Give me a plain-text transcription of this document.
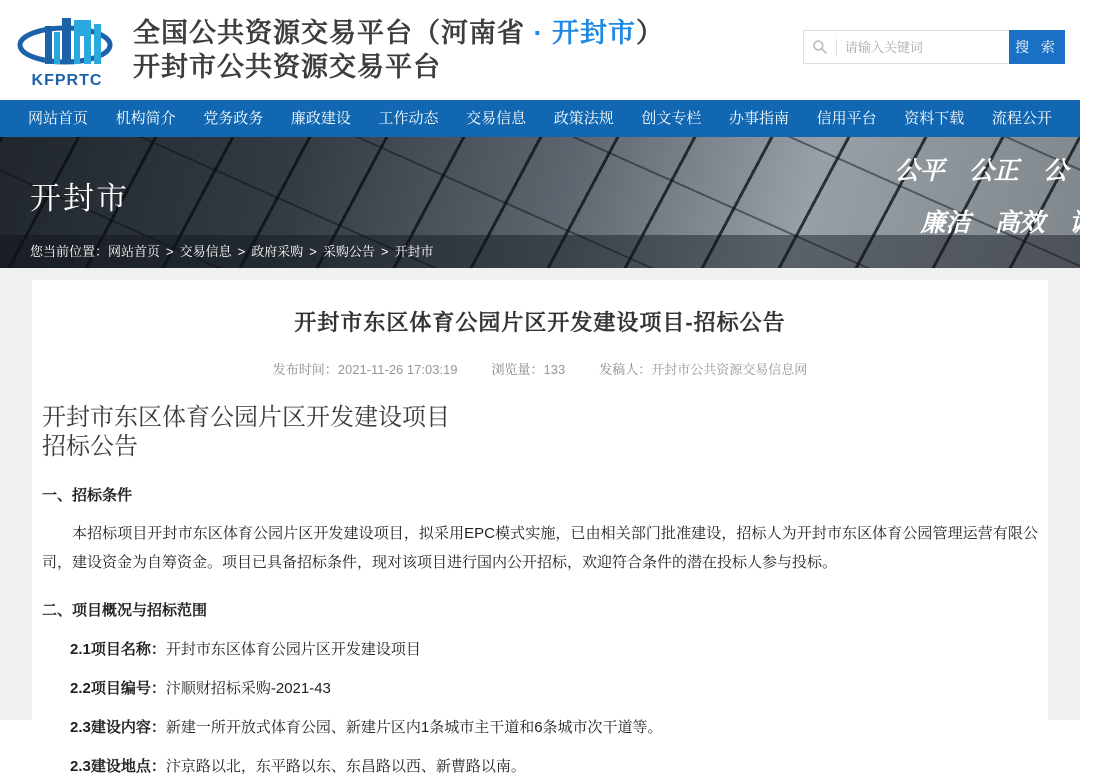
KFPRTC
全国公共资源交易平台（河南省 · 开封市）
开封市公共资源交易平台
请输入关键词
搜 索
网站首页 机构简介 党务政务 廉政建设 工作动态 交易信息 政策法规 创文专栏 办事指南 信用平台 资料下载 流程公开
开封市
公平 公正 公
廉洁 高效 诚
您当前位置：网站首页 > 交易信息 > 政府采购 > 采购公告 > 开封市
开封市东区体育公园片区开发建设项目-招标公告
发布时间：2021-11-26 17:03:19	浏览量：133	发稿人：开封市公共资源交易信息网
开封市东区体育公园片区开发建设项目
招标公告
一、招标条件
本招标项目开封市东区体育公园片区开发建设项目，拟采用EPC模式实施，已由相关部门批准建设，招标人为开封市东区体育公园管理运营有限公司，建设资金为自筹资金。项目已具备招标条件，现对该项目进行国内公开招标，欢迎符合条件的潜在投标人参与投标。
二、项目概况与招标范围

2.1项目名称：开封市东区体育公园片区开发建设项目

2.2项目编号：汴顺财招标采购-2021-43

2.3建设内容：新建一所开放式体育公园、新建片区内1条城市主干道和6条城市次干道等。

2.3建设地点：汴京路以北，东平路以东、东昌路以西、新曹路以南。
